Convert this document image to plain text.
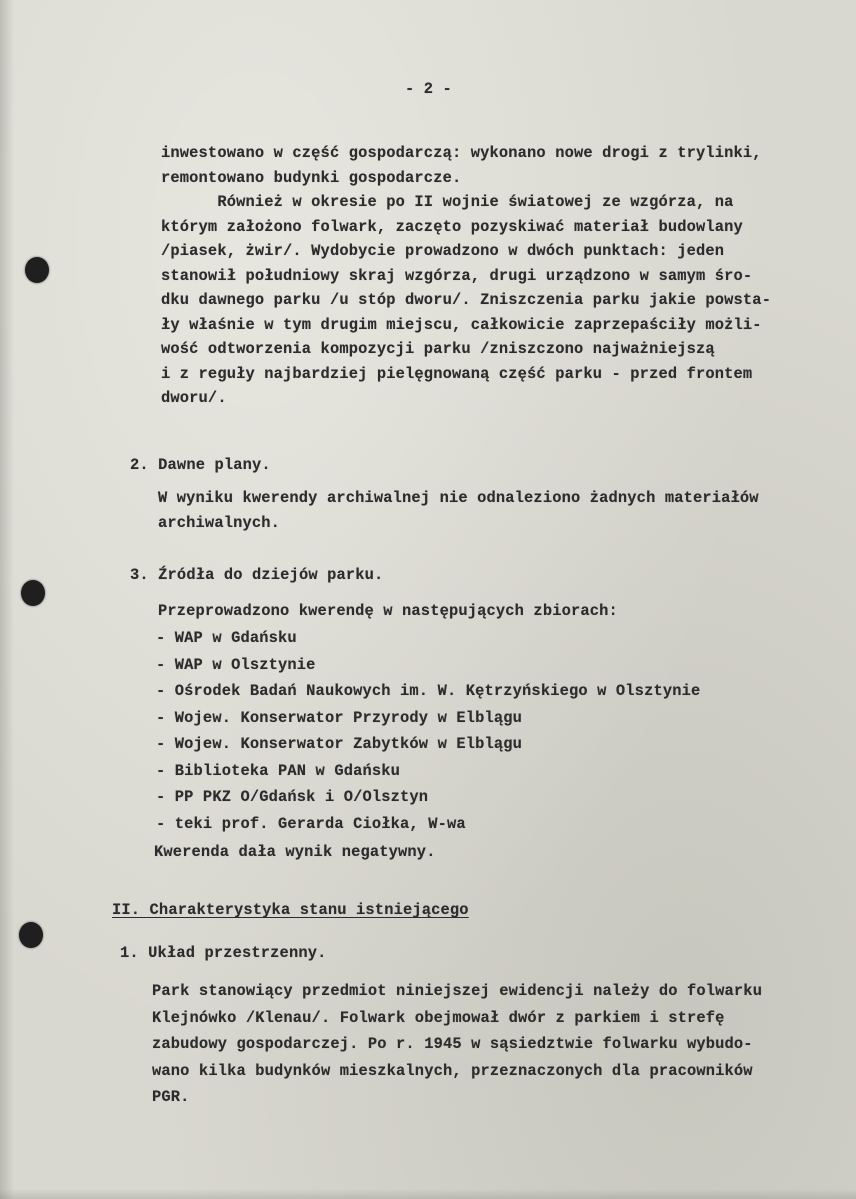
- 2 -
inwestowano w część gospodarczą: wykonano nowe drogi z trylinki,
remontowano budynki gospodarcze.
Również w okresie po II wojnie światowej ze wzgórza, na
którym założono folwark, zaczęto pozyskiwać materiał budowlany
/piasek, żwir/. Wydobycie prowadzono w dwóch punktach: jeden
stanowił południowy skraj wzgórza, drugi urządzono w samym śro-
dku dawnego parku /u stóp dworu/. Zniszczenia parku jakie powsta-
ły właśnie w tym drugim miejscu, całkowicie zaprzepaściły możli-
wość odtworzenia kompozycji parku /zniszczono najważniejszą
i z reguły najbardziej pielęgnowaną część parku - przed frontem
dworu/.
2. Dawne plany.
W wyniku kwerendy archiwalnej nie odnaleziono żadnych materiałów
archiwalnych.
3. Źródła do dziejów parku.
Przeprowadzono kwerendę w następujących zbiorach:
- WAP w Gdańsku
- WAP w Olsztynie
- Ośrodek Badań Naukowych im. W. Kętrzyńskiego w Olsztynie
- Wojew. Konserwator Przyrody w Elblągu
- Wojew. Konserwator Zabytków w Elblągu
- Biblioteka PAN w Gdańsku
- PP PKZ O/Gdańsk i O/Olsztyn
- teki prof. Gerarda Ciołka, W-wa
Kwerenda dała wynik negatywny.
II. Charakterystyka stanu istniejącego
1. Układ przestrzenny.
Park stanowiący przedmiot niniejszej ewidencji należy do folwarku
Klejnówko /Klenau/. Folwark obejmował dwór z parkiem i strefę
zabudowy gospodarczej. Po r. 1945 w sąsiedztwie folwarku wybudo-
wano kilka budynków mieszkalnych, przeznaczonych dla pracowników
PGR.
